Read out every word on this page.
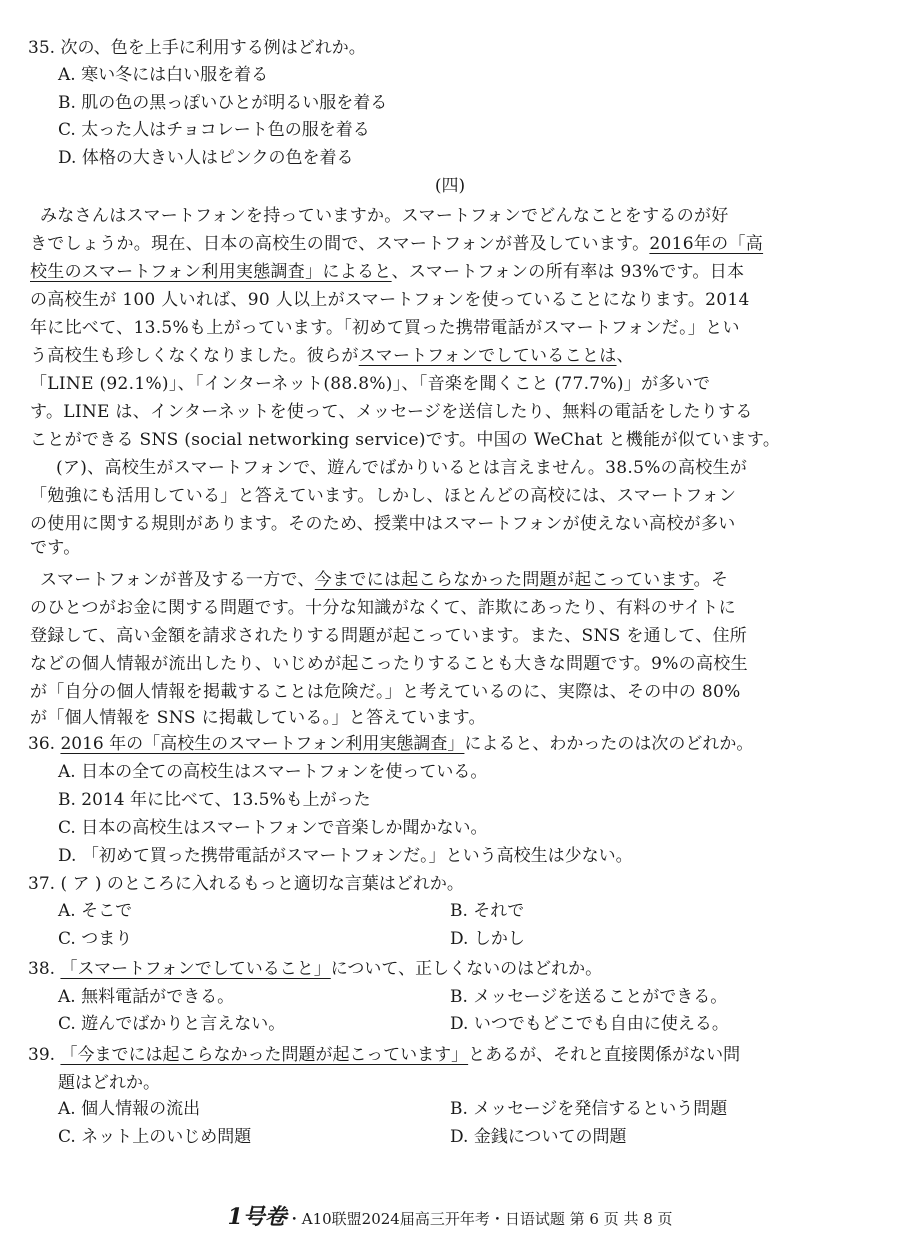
35. 次の、色を上手に利用する例はどれか。
A. 寒い冬には白い服を着る
B. 肌の色の黒っぽいひとが明るい服を着る
C. 太った人はチョコレート色の服を着る
D. 体格の大きい人はピンクの色を着る
(四)
みなさんはスマートフォンを持っていますか。スマートフォンでどんなことをするのが好
きでしょうか。現在、日本の高校生の間で、スマートフォンが普及しています。2016年の「高
校生のスマートフォン利用実態調査」によると、スマートフォンの所有率は 93%です。日本
の高校生が 100 人いれば、90 人以上がスマートフォンを使っていることになります。2014
年に比べて、13.5%も上がっています。「初めて買った携帯電話がスマートフォンだ。」とい
う高校生も珍しくなくなりました。彼らがスマートフォンでしていることは、
「LINE (92.1%)」、「インターネット(88.8%)」、「音楽を聞くこと (77.7%)」が多いで
す。LINE は、インターネットを使って、メッセージを送信したり、無料の電話をしたりする
ことができる SNS (social networking service)です。中国の WeChat と機能が似ています。
(ア)、高校生がスマートフォンで、遊んでばかりいるとは言えません。38.5%の高校生が
「勉強にも活用している」と答えています。しかし、ほとんどの高校には、スマートフォン
の使用に関する規則があります。そのため、授業中はスマートフォンが使えない高校が多い
です。
スマートフォンが普及する一方で、今までには起こらなかった問題が起こっています。そ
のひとつがお金に関する問題です。十分な知識がなくて、詐欺にあったり、有料のサイトに
登録して、高い金額を請求されたりする問題が起こっています。また、SNS を通して、住所
などの個人情報が流出したり、いじめが起こったりすることも大きな問題です。9%の高校生
が「自分の個人情報を掲載することは危険だ。」と考えているのに、実際は、その中の 80%
が「個人情報を SNS に掲載している。」と答えています。
36. 2016 年の「高校生のスマートフォン利用実態調査」によると、わかったのは次のどれか。
A. 日本の全ての高校生はスマートフォンを使っている。
B. 2014 年に比べて、13.5%も上がった
C. 日本の高校生はスマートフォンで音楽しか聞かない。
D. 「初めて買った携帯電話がスマートフォンだ。」という高校生は少ない。
37. ( ア ) のところに入れるもっと適切な言葉はどれか。
A. そこで	B. それで
C. つまり	D. しかし
38. 「スマートフォンでしていること」について、正しくないのはどれか。
A. 無料電話ができる。	B. メッセージを送ることができる。
C. 遊んでばかりと言えない。	D. いつでもどこでも自由に使える。
39. 「今までには起こらなかった問題が起こっています」とあるが、それと直接関係がない問
題はどれか。
A. 個人情報の流出	B. メッセージを発信するという問題
C. ネット上のいじめ問題	D. 金銭についての問題
1号卷・A10联盟2024届高三开年考・日语试题 第 6 页 共 8 页
